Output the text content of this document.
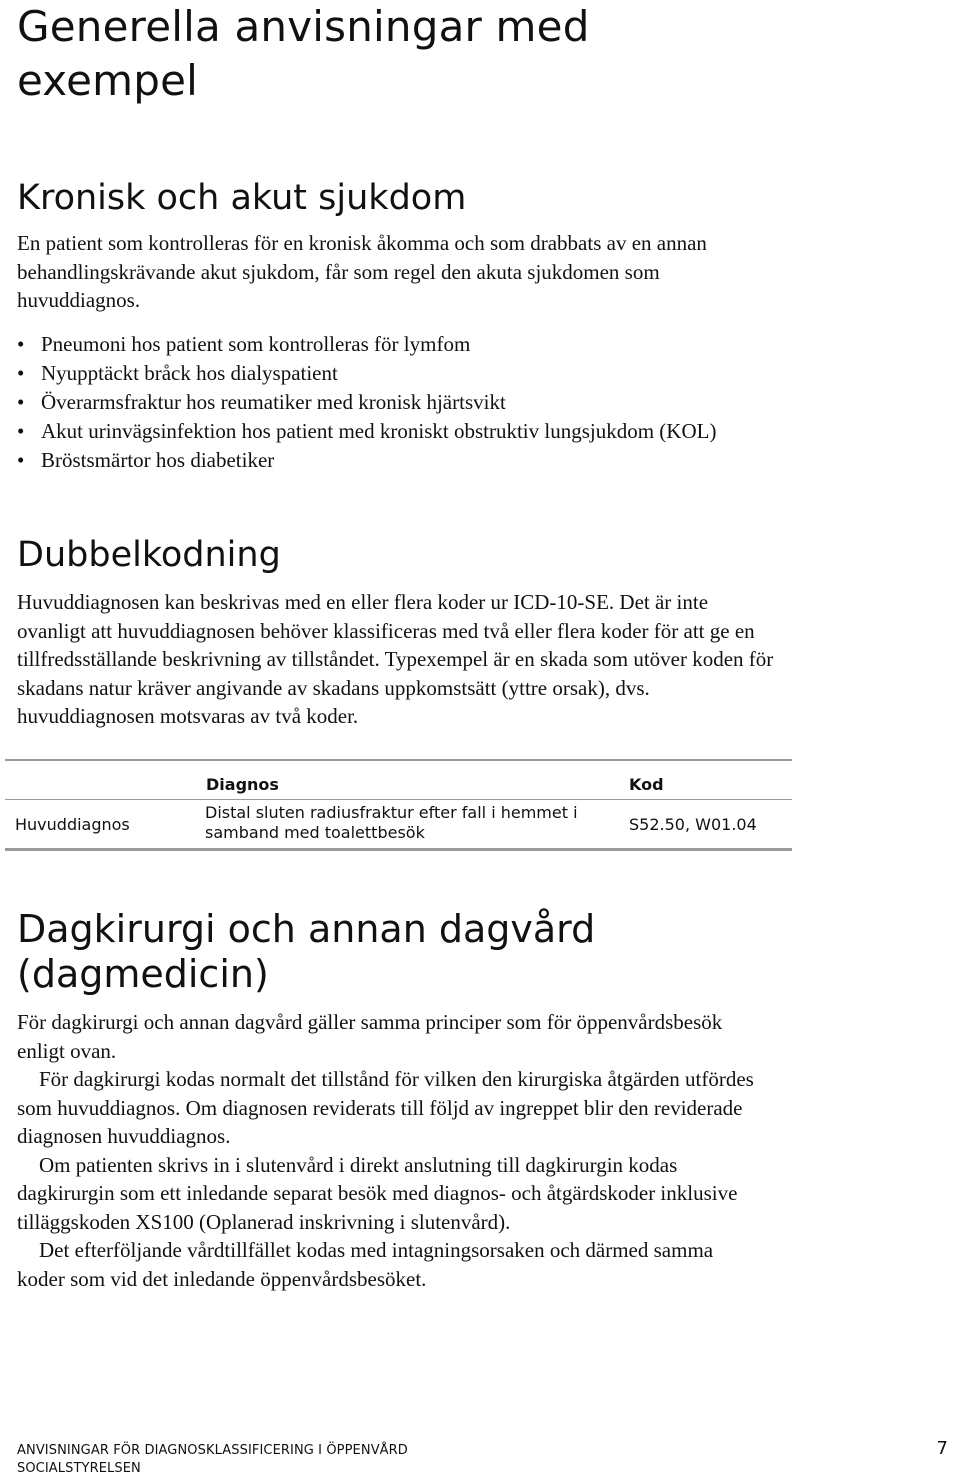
Generella anvisningar med exempel
Kronisk och akut sjukdom

En patient som kontrolleras för en kronisk åkomma och som drabbats av en annan behandlingskrävande akut sjukdom, får som regel den akuta sjukdomen som huvuddiagnos.

• Pneumoni hos patient som kontrolleras för lymfom
• Nyupptäckt bråck hos dialyspatient
• Överarmsfraktur hos reumatiker med kronisk hjärtsvikt
• Akut urinvägsinfektion hos patient med kroniskt obstruktiv lungsjukdom (KOL)
• Bröstsmärtor hos diabetiker
Dubbelkodning

Huvuddiagnosen kan beskrivas med en eller flera koder ur ICD-10-SE. Det är inte ovanligt att huvuddiagnosen behöver klassificeras med två eller flera koder för att ge en tillfredsställande beskrivning av tillståndet. Typexempel är en skada som utöver koden för skadans natur kräver angivande av skadans uppkomstsätt (yttre orsak), dvs. huvuddiagnosen motsvaras av två koder.

Diagnos	Kod
Huvuddiagnos
Distal sluten radiusfraktur efter fall i hemmet i samband med toalettbesök	S52.50, W01.04
Dagkirurgi och annan dagvård (dagmedicin)

För dagkirurgi och annan dagvård gäller samma principer som för öppenvårdsbesök enligt ovan.

För dagkirurgi kodas normalt det tillstånd för vilken den kirurgiska åtgärden utfördes som huvuddiagnos. Om diagnosen reviderats till följd av ingreppet blir den reviderade diagnosen huvuddiagnos.

Om patienten skrivs in i slutenvård i direkt anslutning till dagkirurgin kodas dagkirurgin som ett inledande separat besök med diagnos- och åtgärdskoder inklusive tilläggskoden XS100 (Oplanerad inskrivning i slutenvård).

Det efterföljande vårdtillfället kodas med intagningsorsaken och därmed samma koder som vid det inledande öppenvårdsbesöket.

ANVISNINGAR FÖR DIAGNOSKLASSIFICERING I ÖPPENVÅRD
SOCIALSTYRELSEN
7
